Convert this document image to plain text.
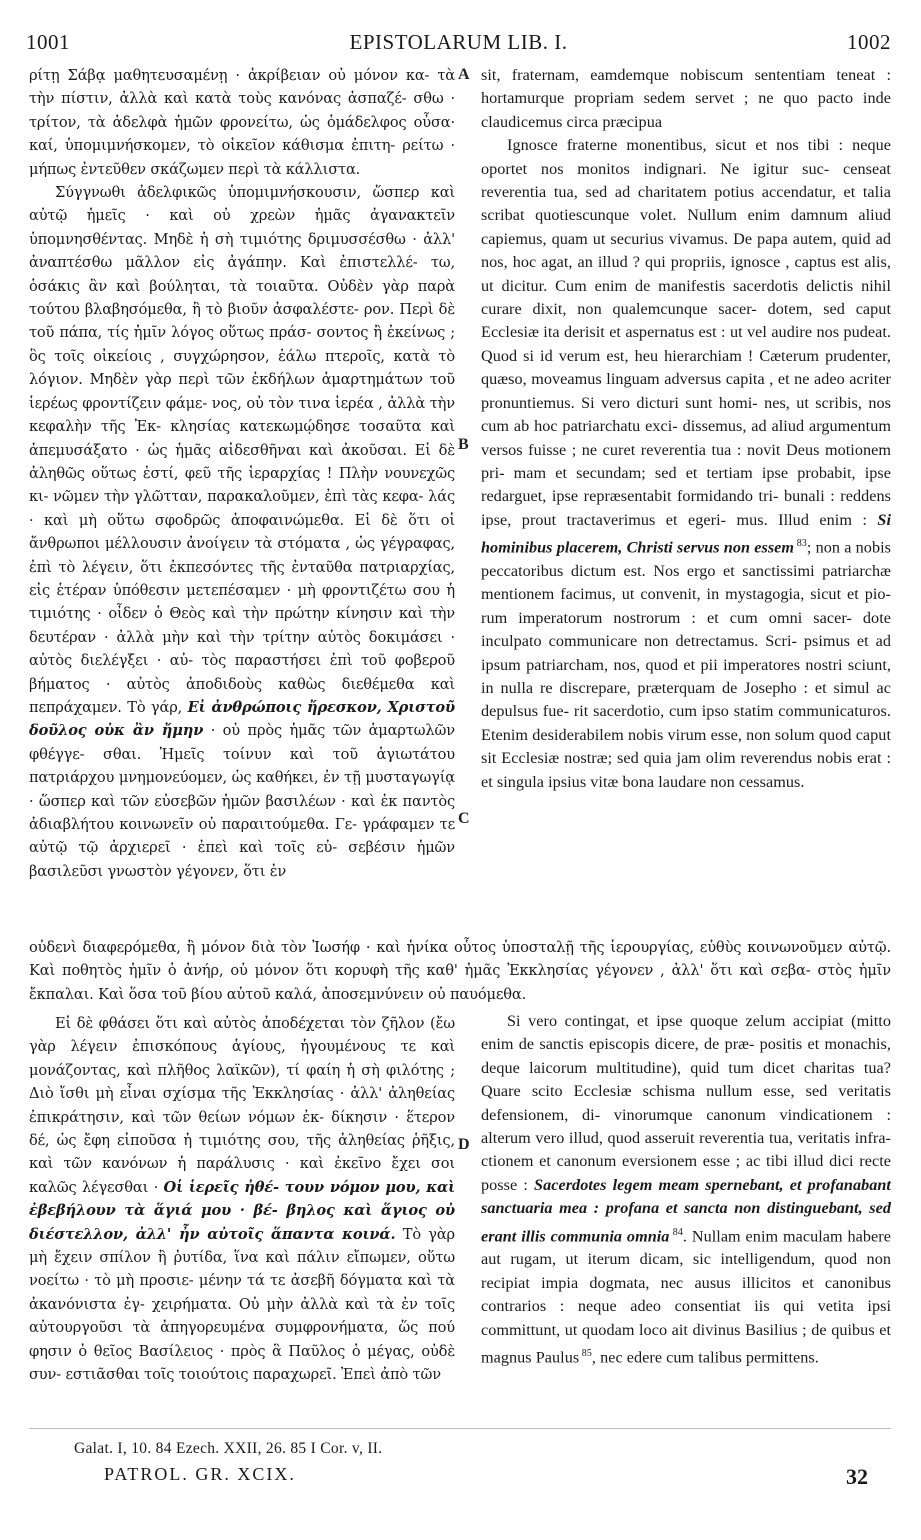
1001	EPISTOLARUM LIB. I.	1002
A
B
C
D

ρίτῃ Σάβᾳ μαθητευσαμένῃ · ἀκρίβειαν οὐ μόνον κα- τὰ τὴν πίστιν, ἀλλὰ καὶ κατὰ τοὺς κανόνας ἀσπαζέ- σθω · τρίτον, τὰ ἀδελφὰ ἡμῶν φρονείτω, ὡς ὁμάδελφος οὖσα· καί, ὑπομιμνήσκομεν, τὸ οἰκεῖον κάθισμα ἐπιτη- ρείτω · μήπως ἐντεῦθεν σκάζωμεν περὶ τὰ κάλλιστα.

Σύγγνωθι ἀδελφικῶς ὑπομιμνήσκουσιν, ὥσπερ καὶ αὐτῷ ἡμεῖς · καὶ οὐ χρεὼν ἡμᾶς ἀγανακτεῖν ὑπομνησθέντας. Μηδὲ ἡ σὴ τιμιότης δριμυσσέσθω · ἀλλ' ἀναπτέσθω μᾶλλον εἰς ἀγάπην. Καὶ ἐπιστελλέ- τω, ὁσάκις ἂν καὶ βούληται, τὰ τοιαῦτα. Οὐδὲν γὰρ παρὰ τούτου βλαβησόμεθα, ἢ τὸ βιοῦν ἀσφαλέστε- ρον. Περὶ δὲ τοῦ πάπα, τίς ἡμῖν λόγος οὕτως πράσ- σοντος ἢ ἐκείνως ; ὃς τοῖς οἰκείοις , συγχώρησον, ἐάλω πτεροῖς, κατὰ τὸ λόγιον. Μηδὲν γὰρ περὶ τῶν ἐκδήλων ἁμαρτημάτων τοῦ ἱερέως φροντίζειν φάμε- νος, οὐ τὸν τινα ἱερέα , ἀλλὰ τὴν κεφαλὴν τῆς Ἐκ- κλησίας κατεκωμῴδησε τοσαῦτα καὶ ἀπεμυσάξατο · ὡς ἡμᾶς αἰδεσθῆναι καὶ ἀκοῦσαι. Εἰ δὲ ἀληθῶς οὕτως ἐστί, φεῦ τῆς ἱεραρχίας ! Πλὴν νουνεχῶς κι- νῶμεν τὴν γλῶτταν, παρακαλοῦμεν, ἐπὶ τὰς κεφα- λάς · καὶ μὴ οὕτω σφοδρῶς ἀποφαινώμεθα. Εἰ δὲ ὅτι οἱ ἄνθρωποι μέλλουσιν ἀνοίγειν τὰ στόματα , ὡς γέγραφας, ἐπὶ τὸ λέγειν, ὅτι ἐκπεσόντες τῆς ἐνταῦθα πατριαρχίας, εἰς ἑτέραν ὑπόθεσιν μετεπέσαμεν · μὴ φροντιζέτω σου ἡ τιμιότης · οἶδεν ὁ Θεὸς καὶ τὴν πρώτην κίνησιν καὶ τὴν δευτέραν · ἀλλὰ μὴν καὶ τὴν τρίτην αὐτὸς δοκιμάσει · αὐτὸς διελέγξει · αὐ- τὸς παραστήσει ἐπὶ τοῦ φοβεροῦ βήματος · αὐτὸς ἀποδιδοὺς καθὼς διεθέμεθα καὶ πεπράχαμεν. Τὸ γάρ, Εἰ ἀνθρώποις ἤρεσκον, Χριστοῦ δοῦλος οὐκ ἂν ἤμην · οὐ πρὸς ἡμᾶς τῶν ἁμαρτωλῶν φθέγγε- σθαι. Ἡμεῖς τοίνυν καὶ τοῦ ἁγιωτάτου πατριάρχου μνημονεύομεν, ὡς καθήκει, ἐν τῇ μυσταγωγίᾳ · ὥσπερ καὶ τῶν εὐσεβῶν ἡμῶν βασιλέων · καὶ ἐκ παντὸς ἀδιαβλήτου κοινωνεῖν οὐ παραιτούμεθα. Γε- γράφαμεν τε αὐτῷ τῷ ἀρχιερεῖ · ἐπεὶ καὶ τοῖς εὐ- σεβέσιν ἡμῶν βασιλεῦσι γνωστὸν γέγονεν, ὅτι ἐν

sit, fraternam, eamdemque nobiscum sententiam teneat : hortamurque propriam sedem servet ; ne quo pacto inde claudicemus circa præcipua

Ignosce fraterne monentibus, sicut et nos tibi : neque oportet nos monitos indignari. Ne igitur suc- censeat reverentia tua, sed ad charitatem potius accendatur, et talia scribat quotiescunque volet. Nullum enim damnum aliud capiemus, quam ut securius vivamus. De papa autem, quid ad nos, hoc agat, an illud ? qui propriis, ignosce , captus est alis, ut dicitur. Cum enim de manifestis sacerdotis delictis nihil curare dixit, non qualemcunque sacer- dotem, sed caput Ecclesiæ ita derisit et aspernatus est : ut vel audire nos pudeat. Quod si id verum est, heu hierarchiam ! Cæterum prudenter, quæso, moveamus linguam adversus capita , et ne adeo acriter pronuntiemus. Si vero dicturi sunt homi- nes, ut scribis, nos cum ab hoc patriarchatu exci- dissemus, ad aliud argumentum versos fuisse ; ne curet reverentia tua : novit Deus motionem pri- mam et secundam; sed et tertiam ipse probabit, ipse redarguet, ipse repræsentabit formidando tri- bunali : reddens ipse, prout tractaverimus et egeri- mus. Illud enim : Si hominibus placerem, Christi servus non essem $^{83}$; non a nobis peccatoribus dictum est. Nos ergo et sanctissimi patriarchæ mentionem facimus, ut convenit, in mystagogia, sicut et pio- rum imperatorum nostrorum : et cum omni sacer- dote inculpato communicare non detrectamus. Scri- psimus et ad ipsum patriarcham, nos, quod et pii imperatores nostri sciunt, in nulla re discrepare, præterquam de Josepho : et simul ac depulsus fue- rit sacerdotio, cum ipso statim communicaturos. Etenim desiderabilem nobis virum esse, non solum quod caput sit Ecclesiæ nostræ; sed quia jam olim reverendus nobis erat : et singula ipsius vitæ bona laudare non cessamus.

οὐδενὶ διαφερόμεθα, ἢ μόνον διὰ τὸν Ἰωσήφ · καὶ ἡνίκα οὗτος ὑποσταλῇ τῆς ἱερουργίας, εὐθὺς κοινωνοῦμεν αὐτῷ. Καὶ ποθητὸς ἡμῖν ὁ ἀνήρ, οὐ μόνον ὅτι κορυφὴ τῆς καθ' ἡμᾶς Ἐκκλησίας γέγονεν , ἀλλ' ὅτι καὶ σεβα- στὸς ἡμῖν ἔκπαλαι. Καὶ ὅσα τοῦ βίου αὐτοῦ καλά, ἀποσεμνύνειν οὐ παυόμεθα.

Εἰ δὲ φθάσει ὅτι καὶ αὐτὸς ἀποδέχεται τὸν ζῆλον (ἔω γὰρ λέγειν ἐπισκόπους ἁγίους, ἡγουμένους τε καὶ μονάζοντας, καὶ πλῆθος λαϊκῶν), τί φαίη ἡ σὴ φιλότης ; Διὸ ἴσθι μὴ εἶναι σχίσμα τῆς Ἐκκλησίας · ἀλλ' ἀληθείας ἐπικράτησιν, καὶ τῶν θείων νόμων ἐκ- δίκησιν · ἕτερον δέ, ὡς ἔφη εἰποῦσα ἡ τιμιότης σου, τῆς ἀληθείας ῥῆξις, καὶ τῶν κανόνων ἡ παράλυσις · καὶ ἐκεῖνο ἔχει σοι καλῶς λέγεσθαι · Οἱ ἱερεῖς ἠθέ- τουν νόμον μου, καὶ ἐβεβήλουν τὰ ἅγιά μου · βέ- βηλος καὶ ἅγιος οὐ διέστελλον, ἀλλ' ἦν αὐτοῖς ἅπαντα κοινά. Τὸ γὰρ μὴ ἔχειν σπίλον ἢ ῥυτίδα, ἵνα καὶ πάλιν εἴπωμεν, οὕτω νοείτω · τὸ μὴ προσιε- μένην τά τε ἀσεβῆ δόγματα καὶ τὰ ἀκανόνιστα ἐγ- χειρήματα. Οὐ μὴν ἀλλὰ καὶ τὰ ἐν τοῖς αὐτουργοῦσι τὰ ἀπηγορευμένα συμφρονήματα, ὥς πού φησιν ὁ θεῖος Βασίλειος · πρὸς ἃ Παῦλος ὁ μέγας, οὐδὲ συν- εστιᾶσθαι τοῖς τοιούτοις παραχωρεῖ. Ἐπεὶ ἀπὸ τῶν

Si vero contingat, et ipse quoque zelum accipiat (mitto enim de sanctis episcopis dicere, de præ- positis et monachis, deque laicorum multitudine), quid tum dicet charitas tua? Quare scito Ecclesiæ schisma nullum esse, sed veritatis defensionem, di- vinorumque canonum vindicationem : alterum vero illud, quod asseruit reverentia tua, veritatis infra- ctionem et canonum eversionem esse ; ac tibi illud dici recte posse : Sacerdotes legem meam spernebant, et profanabant sanctuaria mea : profana et sancta non distinguebant, sed erant illis communia omnia $^{84}$. Nullam enim maculam habere aut rugam, ut iterum dicam, sic intelligendum, quod non recipiat impia dogmata, nec ausus illicitos et canonibus contrarios : neque adeo consentiat iis qui vetita ipsi committunt, ut quodam loco ait divinus Basilius ; de quibus et magnus Paulus $^{85}$, nec edere cum talibus permittens.

Galat. I, 10. 84 Ezech. XXII, 26. 85 I Cor. v, II.
PATROL. GR. XCIX.	32
